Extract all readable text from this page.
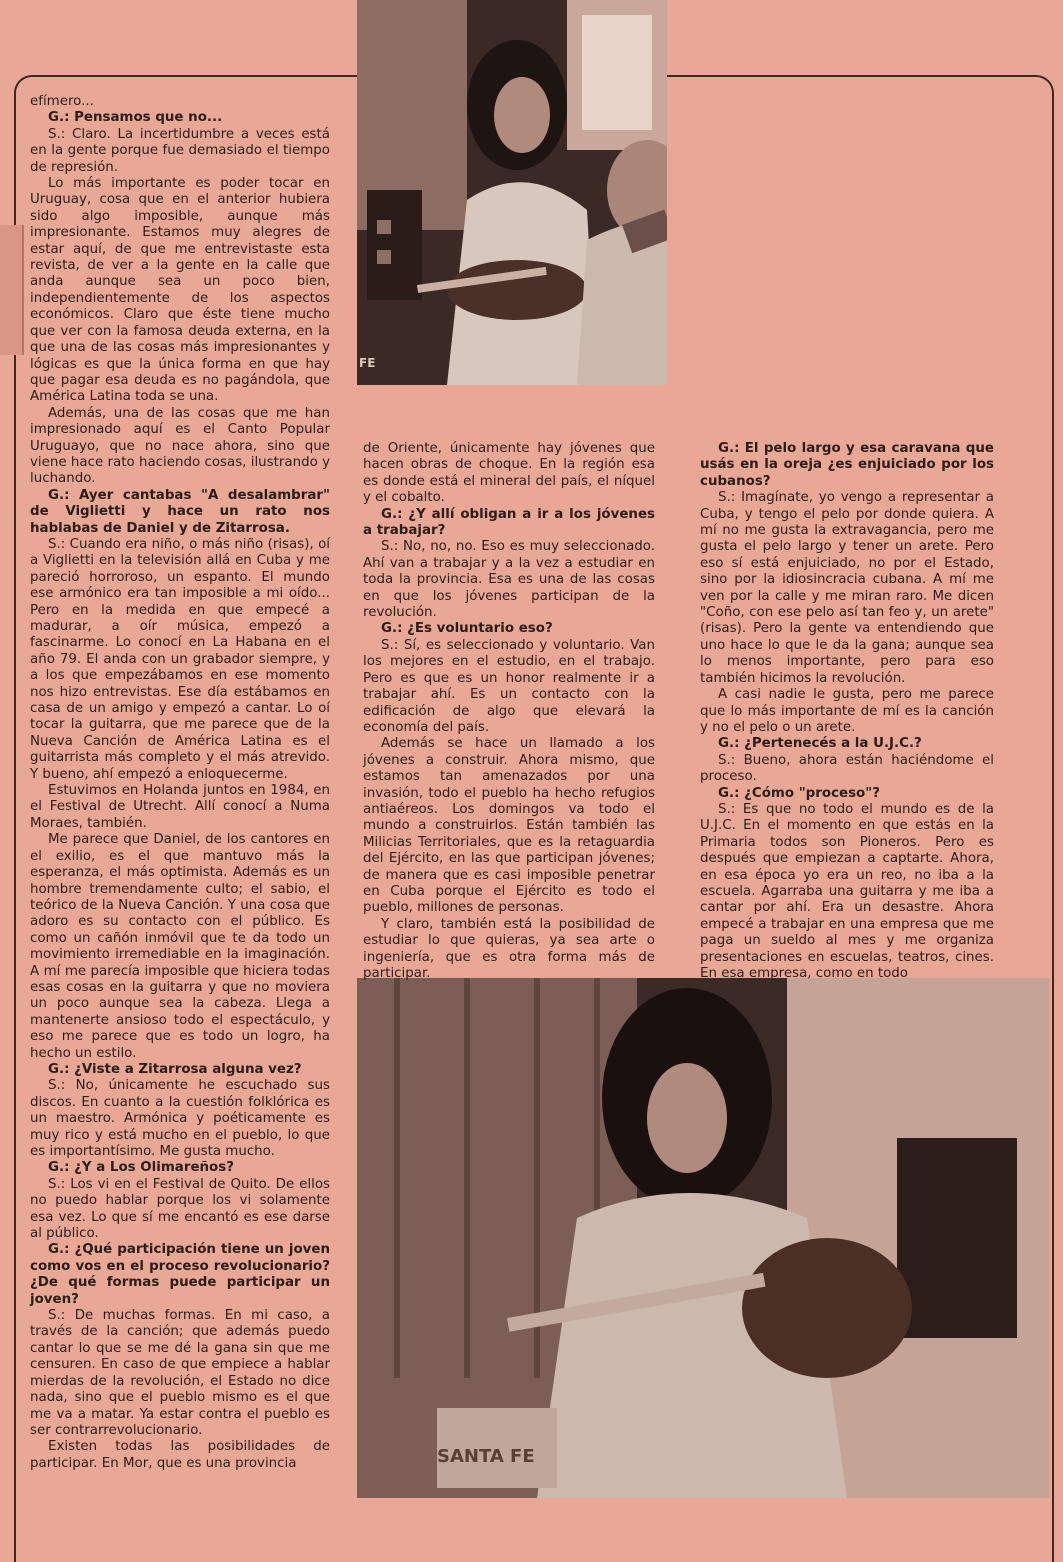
FE
SANTA FE

efímero...

G.: Pensamos que no...

S.: Claro. La incertidumbre a veces está en la gente porque fue demasiado el tiempo de represión.

Lo más importante es poder tocar en Uruguay, cosa que en el anterior hubiera sido algo imposible, aunque más impresionante. Estamos muy alegres de estar aquí, de que me entrevistaste esta revista, de ver a la gente en la calle que anda aunque sea un poco bien, independientemente de los aspectos económicos. Claro que éste tiene mucho que ver con la famosa deuda externa, en la que una de las cosas más impresionantes y lógicas es que la única forma en que hay que pagar esa deuda es no pagándola, que América Latina toda se una.

Además, una de las cosas que me han impresionado aquí es el Canto Popular Uruguayo, que no nace ahora, sino que viene hace rato haciendo cosas, ilustrando y luchando.

G.: Ayer cantabas "A desalambrar" de Viglietti y hace un rato nos hablabas de Daniel y de Zitarrosa.

S.: Cuando era niño, o más niño (risas), oí a Viglietti en la televisión allá en Cuba y me pareció horroroso, un espanto. El mundo ese armónico era tan imposible a mi oído... Pero en la medida en que empecé a madurar, a oír música, empezó a fascinarme. Lo conocí en La Habana en el año 79. El anda con un grabador siempre, y a los que empezábamos en ese momento nos hizo entrevistas. Ese día estábamos en casa de un amigo y empezó a cantar. Lo oí tocar la guitarra, que me parece que de la Nueva Canción de América Latina es el guitarrista más completo y el más atrevido. Y bueno, ahí empezó a enloquecerme.

Estuvimos en Holanda juntos en 1984, en el Festival de Utrecht. Allí conocí a Numa Moraes, también.

Me parece que Daniel, de los cantores en el exilio, es el que mantuvo más la esperanza, el más optimista. Además es un hombre tremendamente culto; el sabio, el teórico de la Nueva Canción. Y una cosa que adoro es su contacto con el público. Es como un cañón inmóvil que te da todo un movimiento irremediable en la imaginación. A mí me parecía imposible que hiciera todas esas cosas en la guitarra y que no moviera un poco aunque sea la cabeza. Llega a mantenerte ansioso todo el espectáculo, y eso me parece que es todo un logro, ha hecho un estilo.

G.: ¿Viste a Zitarrosa alguna vez?

S.: No, únicamente he escuchado sus discos. En cuanto a la cuestión folklórica es un maestro. Armónica y poéticamente es muy rico y está mucho en el pueblo, lo que es importantísimo. Me gusta mucho.

G.: ¿Y a Los Olimareños?

S.: Los vi en el Festival de Quito. De ellos no puedo hablar porque los vi solamente esa vez. Lo que sí me encantó es ese darse al público.

G.: ¿Qué participación tiene un joven como vos en el proceso revolucionario? ¿De qué formas puede participar un joven?

S.: De muchas formas. En mi caso, a través de la canción; que además puedo cantar lo que se me dé la gana sin que me censuren. En caso de que empiece a hablar mierdas de la revolución, el Estado no dice nada, sino que el pueblo mismo es el que me va a matar. Ya estar contra el pueblo es ser contrarrevolucionario.

Existen todas las posibilidades de participar. En Mor, que es una provincia

de Oriente, únicamente hay jóvenes que hacen obras de choque. En la región esa es donde está el mineral del país, el níquel y el cobalto.

G.: ¿Y allí obligan a ir a los jóvenes a trabajar?

S.: No, no, no. Eso es muy seleccionado. Ahí van a trabajar y a la vez a estudiar en toda la provincia. Esa es una de las cosas en que los jóvenes participan de la revolución.

G.: ¿Es voluntario eso?

S.: Sí, es seleccionado y voluntario. Van los mejores en el estudio, en el trabajo. Pero es que es un honor realmente ir a trabajar ahí. Es un contacto con la edificación de algo que elevará la economía del país.

Además se hace un llamado a los jóvenes a construir. Ahora mismo, que estamos tan amenazados por una invasión, todo el pueblo ha hecho refugios antiaéreos. Los domingos va todo el mundo a construirlos. Están también las Milicias Territoriales, que es la retaguardia del Ejército, en las que participan jóvenes; de manera que es casi imposible penetrar en Cuba porque el Ejército es todo el pueblo, millones de personas.

Y claro, también está la posibilidad de estudiar lo que quieras, ya sea arte o ingeniería, que es otra forma más de participar.

G.: El pelo largo y esa caravana que usás en la oreja ¿es enjuiciado por los cubanos?

S.: Imagínate, yo vengo a representar a Cuba, y tengo el pelo por donde quiera. A mí no me gusta la extravagancia, pero me gusta el pelo largo y tener un arete. Pero eso sí está enjuiciado, no por el Estado, sino por la idiosincracia cubana. A mí me ven por la calle y me miran raro. Me dicen "Coño, con ese pelo así tan feo y, un arete" (risas). Pero la gente va entendiendo que uno hace lo que le da la gana; aunque sea lo menos importante, pero para eso también hicimos la revolución.

A casi nadie le gusta, pero me parece que lo más importante de mí es la canción y no el pelo o un arete.

G.: ¿Pertenecés a la U.J.C.?

S.: Bueno, ahora están haciéndome el proceso.

G.: ¿Cómo "proceso"?

S.: Es que no todo el mundo es de la U.J.C. En el momento en que estás en la Primaria todos son Pioneros. Pero es después que empiezan a captarte. Ahora, en esa época yo era un reo, no iba a la escuela. Agarraba una guitarra y me iba a cantar por ahí. Era un desastre. Ahora empecé a trabajar en una empresa que me paga un sueldo al mes y me organiza presentaciones en escuelas, teatros, cines. En esa empresa, como en todo
